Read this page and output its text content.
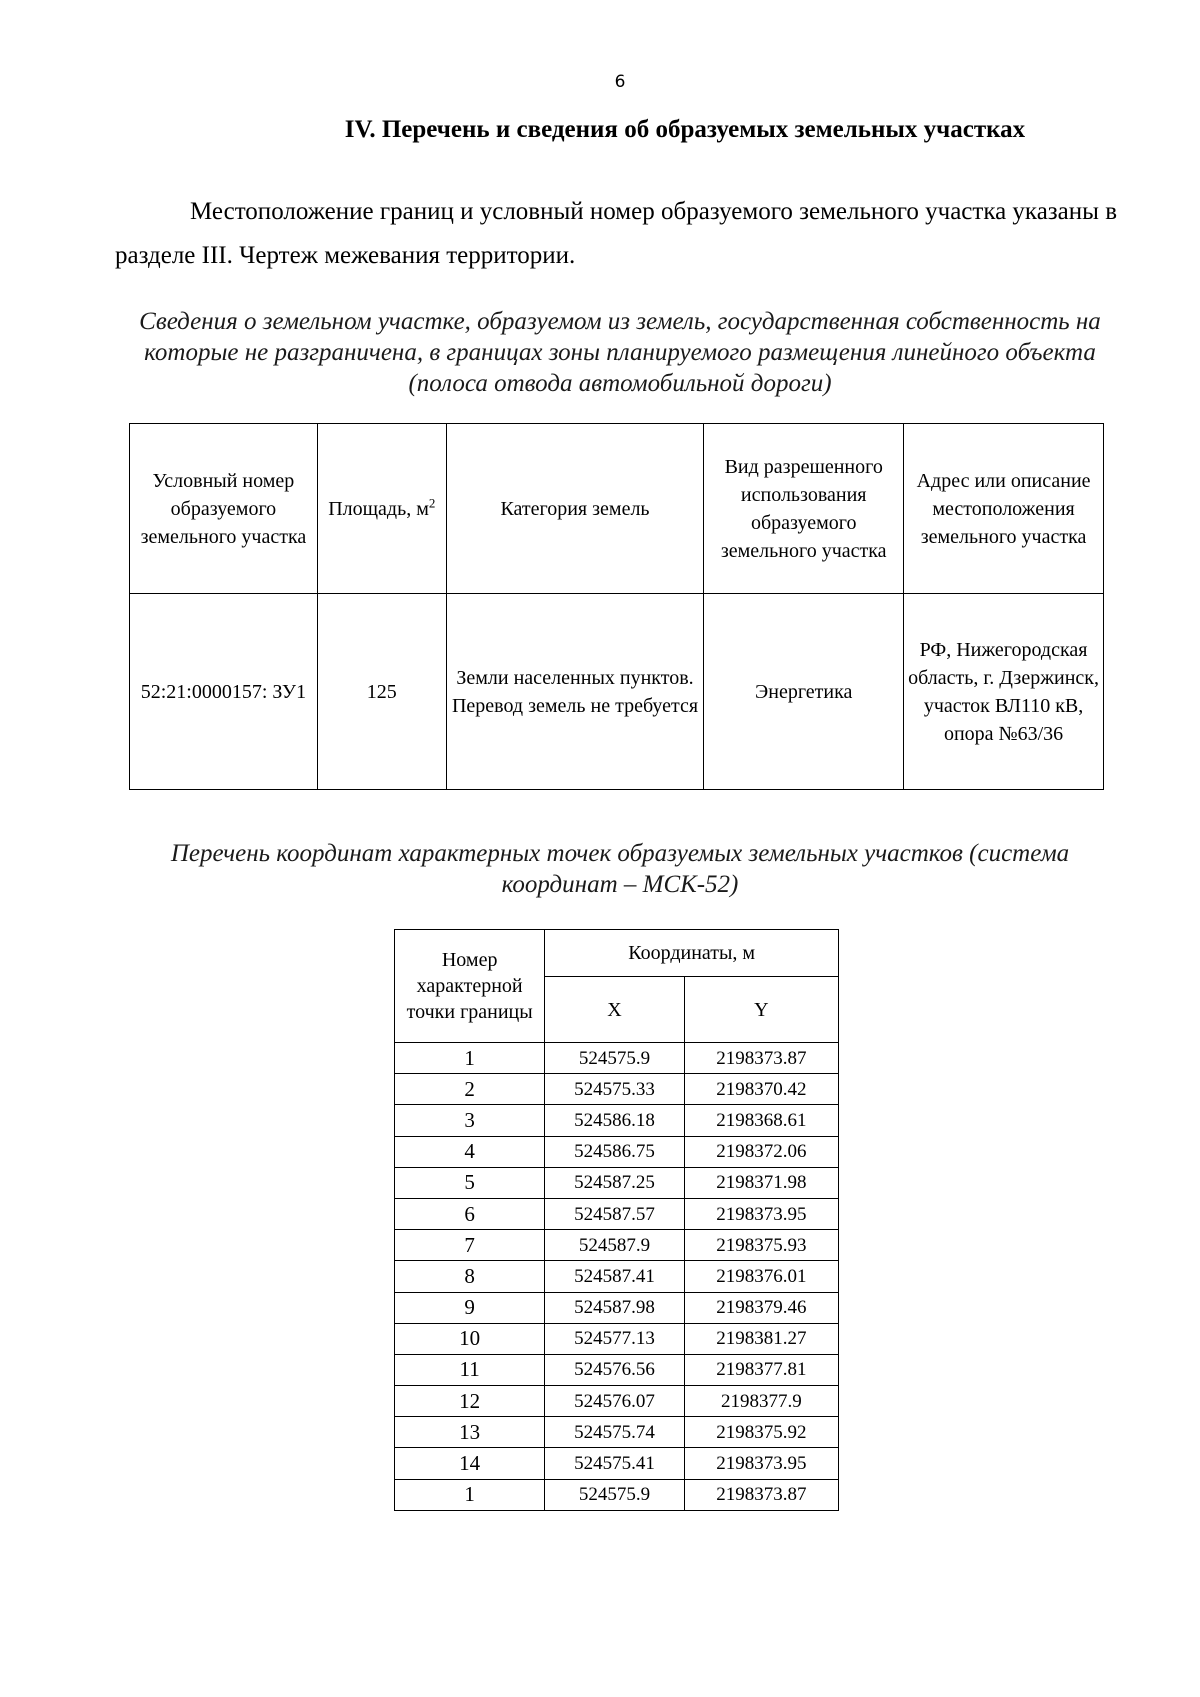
6
IV. Перечень и сведения об образуемых земельных участках

Местоположение границ и условный номер образуемого земельного участка указаны в разделе III. Чертеж межевания территории.

Сведения о земельном участке, образуемом из земель, государственная собственность на которые не разграничена, в границах зоны планируемого размещения линейного объекта (полоса отвода автомобильной дороги)

Условный номер образуемого земельного участка	Площадь, $м^2$	Категория земель	Вид разрешенного использования образуемого земельного участка	Адрес или описание местоположения земельного участка
52:21:0000157: ЗУ1	125	Земли населенных пунктов. Перевод земель не требуется	Энергетика	РФ, Нижегородская область, г. Дзержинск, участок ВЛ110 кВ, опора №63/36

Перечень координат характерных точек образуемых земельных участков (система координат – МСК-52)

Номер характерной точки границы	Координаты, м	
	X	Y
1	524575.9	2198373.87
2	524575.33	2198370.42
3	524586.18	2198368.61
4	524586.75	2198372.06
5	524587.25	2198371.98
6	524587.57	2198373.95
7	524587.9	2198375.93
8	524587.41	2198376.01
9	524587.98	2198379.46
10	524577.13	2198381.27
11	524576.56	2198377.81
12	524576.07	2198377.9
13	524575.74	2198375.92
14	524575.41	2198373.95
1	524575.9	2198373.87
